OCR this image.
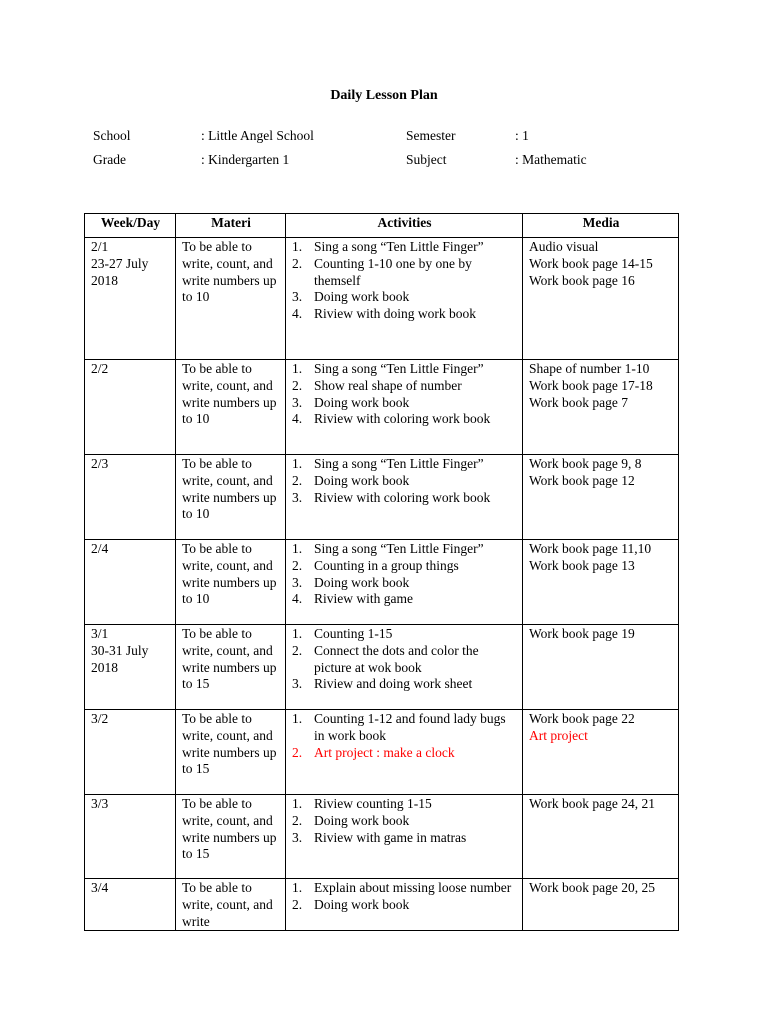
Daily Lesson Plan
School	: Little Angel School	Semester	: 1
Grade	: Kindergarten 1	Subject	: Mathematic
Week/Day	Materi	Activities	Media

2/1
23-27 July 2018	To be able to write, count, and write numbers up to 10	1. Sing a song “Ten Little Finger”
2. Counting 1-10 one by one by themself
3. Doing work book
4. Riview with doing work book	Audio visual
Work book page 14-15
Work book page 16

2/2	To be able to write, count, and write numbers up to 10	1. Sing a song “Ten Little Finger”
2. Show real shape of number
3. Doing work book
4. Riview with coloring work book	Shape of number 1-10
Work book page 17-18
Work book page 7

2/3	To be able to write, count, and write numbers up to 10	1. Sing a song “Ten Little Finger”
2. Doing work book
3. Riview with coloring work book	Work book page 9, 8
Work book page 12

2/4	To be able to write, count, and write numbers up to 10	1. Sing a song “Ten Little Finger”
2. Counting in a group things
3. Doing work book
4. Riview with game	Work book page 11,10
Work book page 13

3/1
30-31 July 2018	To be able to write, count, and write numbers up to 15	1. Counting 1-15
2. Connect the dots and color the picture at wok book
3. Riview and doing work sheet	Work book page 19

3/2	To be able to write, count, and write numbers up to 15	1. Counting 1-12 and found lady bugs in work book
2. Art project : make a clock	Work book page 22
Art project

3/3	To be able to write, count, and write numbers up to 15	1. Riview counting 1-15
2. Doing work book
3. Riview with game in matras	Work book page 24, 21

3/4	To be able to write, count, and write	1. Explain about missing loose number
2. Doing work book	Work book page 20, 25
